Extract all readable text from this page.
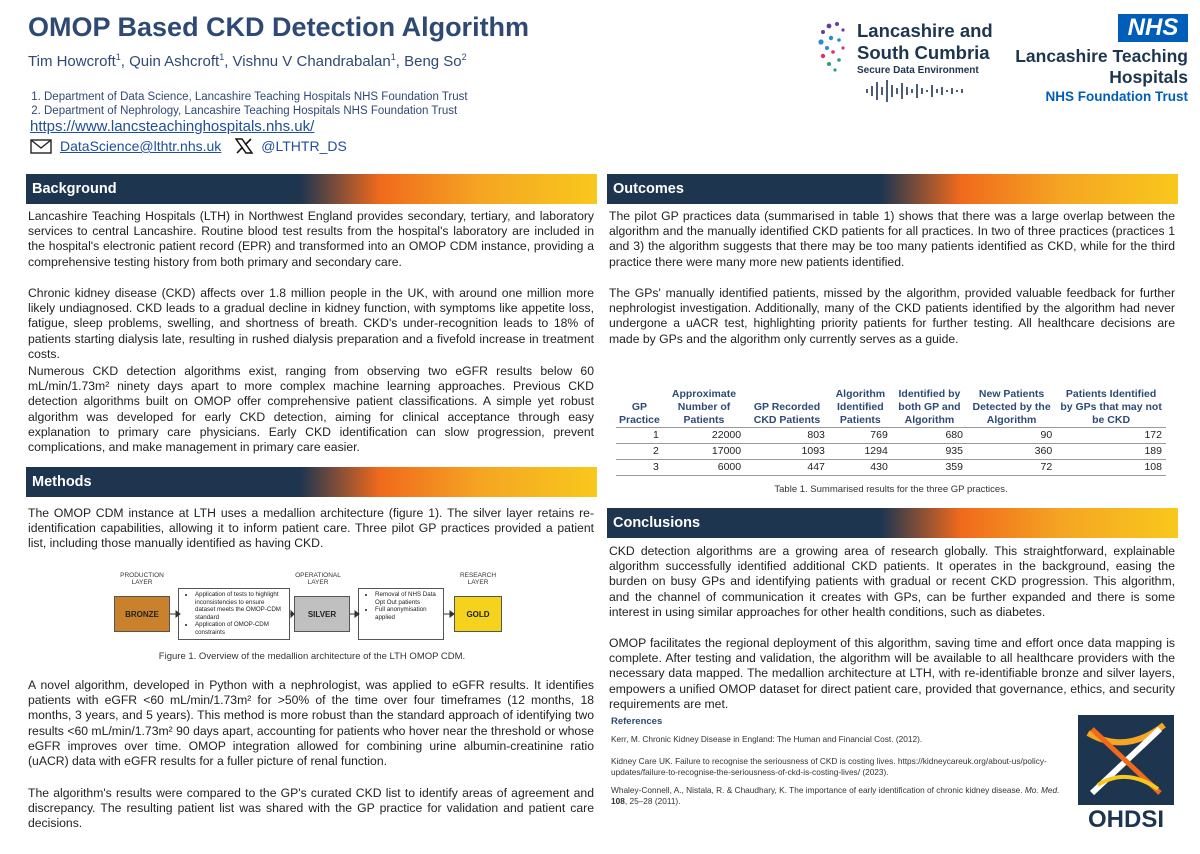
OMOP Based CKD Detection Algorithm
Tim Howcroft$^1$, Quin Ashcroft$^1$, Vishnu V Chandrabalan$^1$, Beng So$^2$
1. Department of Data Science, Lancashire Teaching Hospitals NHS Foundation Trust
2. Department of Nephrology, Lancashire Teaching Hospitals NHS Foundation Trust
https://www.lancsteachinghospitals.nhs.uk/
DataScience@lthtr.nhs.uk	@LTHTR_DS
Lancashire and
South Cumbria
Secure Data Environment
NHS
Lancashire Teaching
Hospitals
NHS Foundation Trust
Background
Lancashire Teaching Hospitals (LTH) in Northwest England provides secondary, tertiary, and laboratory services to central Lancashire. Routine blood test results from the hospital's laboratory are included in the hospital's electronic patient record (EPR) and transformed into an OMOP CDM instance, providing a comprehensive testing history from both primary and secondary care.
Chronic kidney disease (CKD) affects over 1.8 million people in the UK, with around one million more likely undiagnosed. CKD leads to a gradual decline in kidney function, with symptoms like appetite loss, fatigue, sleep problems, swelling, and shortness of breath. CKD's under-recognition leads to 18% of patients starting dialysis late, resulting in rushed dialysis preparation and a fivefold increase in treatment costs.
Numerous CKD detection algorithms exist, ranging from observing two eGFR results below 60 mL/min/1.73m² ninety days apart to more complex machine learning approaches. Previous CKD detection algorithms built on OMOP offer comprehensive patient classifications. A simple yet robust algorithm was developed for early CKD detection, aiming for clinical acceptance through easy explanation to primary care physicians. Early CKD identification can slow progression, prevent complications, and make management in primary care easier.
Methods
The OMOP CDM instance at LTH uses a medallion architecture (figure 1). The silver layer retains re-identification capabilities, allowing it to inform patient care. Three pilot GP practices provided a patient list, including those manually identified as having CKD.
PRODUCTION LAYER
OPERATIONAL LAYER
RESEARCH LAYER
BRONZE
• Application of tests to highlight inconsistencies to ensure dataset meets the OMOP-CDM standard
• Application of OMOP-CDM constraints
SILVER
• Removal of NHS Data Opt Out patients
• Full anonymisation applied	GOLD
Figure 1. Overview of the medallion architecture of the LTH OMOP CDM.
A novel algorithm, developed in Python with a nephrologist, was applied to eGFR results. It identifies patients with eGFR <60 mL/min/1.73m² for >50% of the time over four timeframes (12 months, 18 months, 3 years, and 5 years). This method is more robust than the standard approach of identifying two results <60 mL/min/1.73m² 90 days apart, accounting for patients who hover near the threshold or whose eGFR improves over time. OMOP integration allowed for combining urine albumin-creatinine ratio (uACR) data with eGFR results for a fuller picture of renal function.
The algorithm's results were compared to the GP's curated CKD list to identify areas of agreement and discrepancy. The resulting patient list was shared with the GP practice for validation and patient care decisions.
Outcomes
The pilot GP practices data (summarised in table 1) shows that there was a large overlap between the algorithm and the manually identified CKD patients for all practices. In two of three practices (practices 1 and 3) the algorithm suggests that there may be too many patients identified as CKD, while for the third practice there were many more new patients identified.
The GPs' manually identified patients, missed by the algorithm, provided valuable feedback for further nephrologist investigation. Additionally, many of the CKD patients identified by the algorithm had never undergone a uACR test, highlighting priority patients for further testing. All healthcare decisions are made by GPs and the algorithm only currently serves as a guide.
GP Practice	Approximate Number of Patients	GP Recorded CKD Patients	Algorithm Identified Patients	Identified by both GP and Algorithm	New Patients Detected by the Algorithm	Patients Identified by GPs that may not be CKD
1	22000	803	769	680	90	172
2	17000	1093	1294	935	360	189
3	6000	447	430	359	72	108
Table 1. Summarised results for the three GP practices.
Conclusions
CKD detection algorithms are a growing area of research globally. This straightforward, explainable algorithm successfully identified additional CKD patients. It operates in the background, easing the burden on busy GPs and identifying patients with gradual or recent CKD progression. This algorithm, and the channel of communication it creates with GPs, can be further expanded and there is some interest in using similar approaches for other health conditions, such as diabetes.
OMOP facilitates the regional deployment of this algorithm, saving time and effort once data mapping is complete. After testing and validation, the algorithm will be available to all healthcare providers with the necessary data mapped. The medallion architecture at LTH, with re-identifiable bronze and silver layers, empowers a unified OMOP dataset for direct patient care, provided that governance, ethics, and security requirements are met.
References
Kerr, M. Chronic Kidney Disease in England: The Human and Financial Cost. (2012).
Kidney Care UK. Failure to recognise the seriousness of CKD is costing lives. https://kidneycareuk.org/about-us/policy-updates/failure-to-recognise-the-seriousness-of-ckd-is-costing-lives/ (2023).
Whaley-Connell, A., Nistala, R. & Chaudhary, K. The importance of early identification of chronic kidney disease. Mo. Med. 108, 25–28 (2011).
OHDSI
